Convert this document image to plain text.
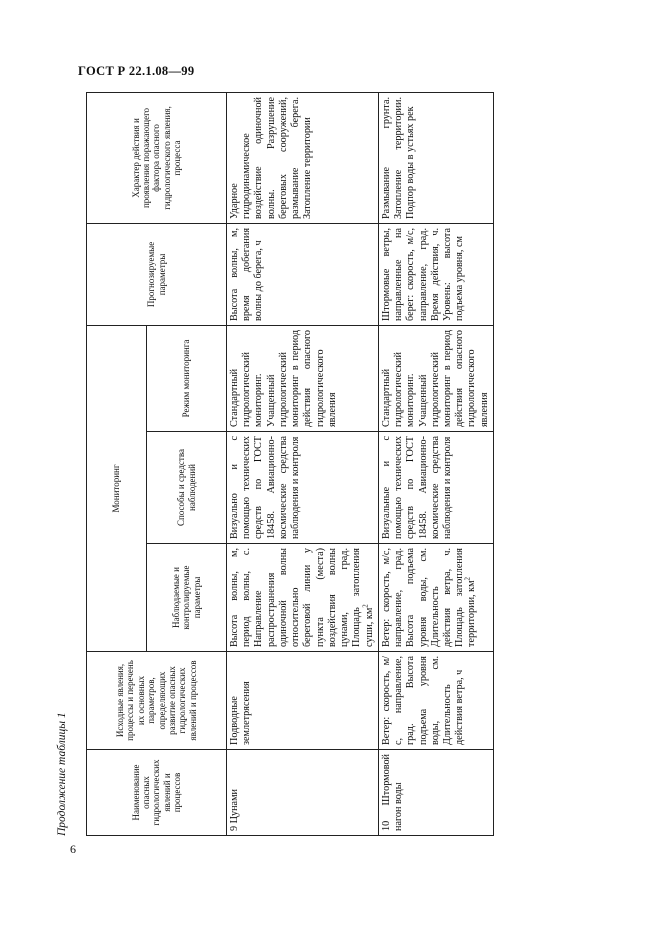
ГОСТ Р 22.1.08—99
Продолжение таблицы 1	Наименование опасных гидрологических явлений и процессов	Исходные явления, процессы и перечень их основных параметров, определяющих развитие опасных гидрологических явлений и процессов	Мониторинг			Прогнозируемые параметры	Характер действия и проявления поражающего фактора опасного гидрологического явления, процесса
		Наблюдаемые и контролируемые параметры	Способы и средства наблюдений	Режим мониторинга		
9 Цунами	Подводные землетрясения	Высота волны, м, период волны, с. Направление распространения одиночной волны относительно береговой линии у пункта (места) воздействия волны цунами, град. Площадь затопления суши, $км^2$	Визуально и с помощью технических средств по ГОСТ 18458. Авиационно-космические средства наблюдения и контроля	Стандартный гидрологический мониторинг. Учащенный гидрологический мониторинг в период действия опасного гидрологического явления	Высота волны, м, время добегания волны до берега, ч	Ударное гидродинамическое воздействие одиночной волны. Разрушение береговых сооружений, размывание берега. Затопление территории
10 Штормовой нагон воды	Ветер: скорость, м/с, направление, град. Высота подъема уровня воды, см. Длительность действия ветра, ч	Ветер: скорость, м/с, направление, град. Высота подъема уровня воды, см. Длительность действия ветра, ч. Площадь затопления территории, $км^2$	Визуальные и с помощью технических средств по ГОСТ 18458. Авиационно-космические средства наблюдения и контроля	Стандартный гидрологический мониторинг. Учащенный гидрологический мониторинг в период действия опасного гидрологического явления	Штормовые ветры, направленные на берег: скорость, м/с, направление, град. Время действия, ч. Уровень: высота подъема уровня, см	Размывание грунта. Затопление территории. Подпор воды в устьях рек
6
